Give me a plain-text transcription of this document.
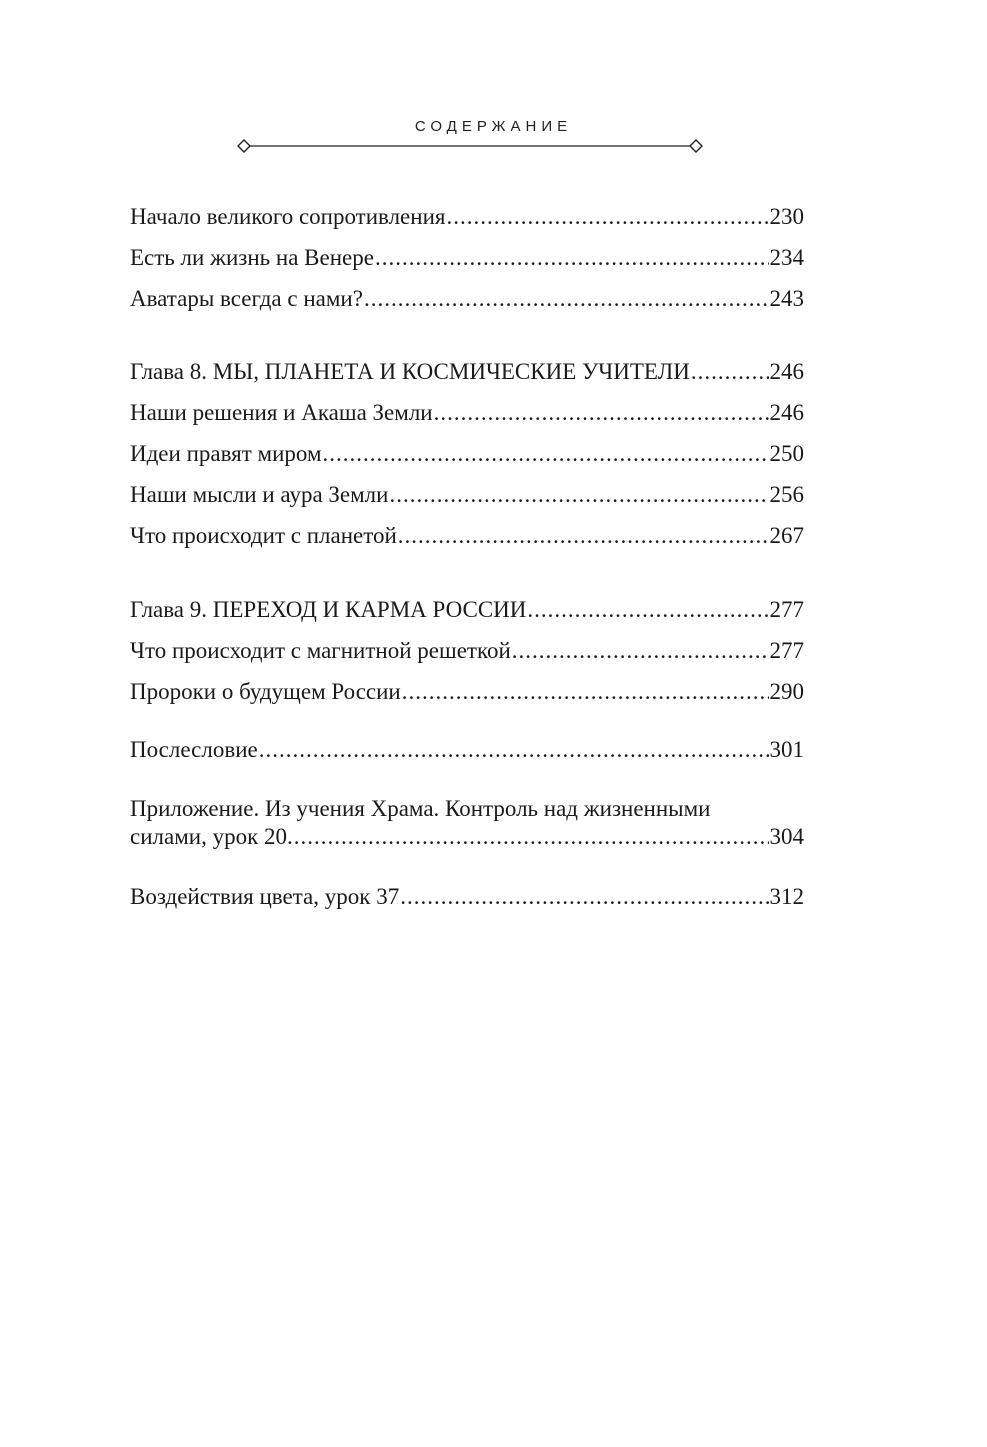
СОДЕРЖАНИЕ
Начало великого сопротивления .....	230
Есть ли жизнь на Венере .....	234
Аватары всегда с нами? .....	243
Глава 8. МЫ, ПЛАНЕТА И КОСМИЧЕСКИЕ УЧИТЕЛИ .....	246
Наши решения и Акаша Земли .....	246
Идеи правят миром .....	250
Наши мысли и аура Земли .....	256
Что происходит с планетой .....	267
Глава 9. ПЕРЕХОД И КАРМА РОССИИ .....	277
Что происходит с магнитной решеткой .....	277
Пророки о будущем России .....	290
Послесловие .....	301
Приложение. Из учения Храма. Контроль над жизненными
силами, урок 20. .....	304
Воздействия цвета, урок 37 .....	312
